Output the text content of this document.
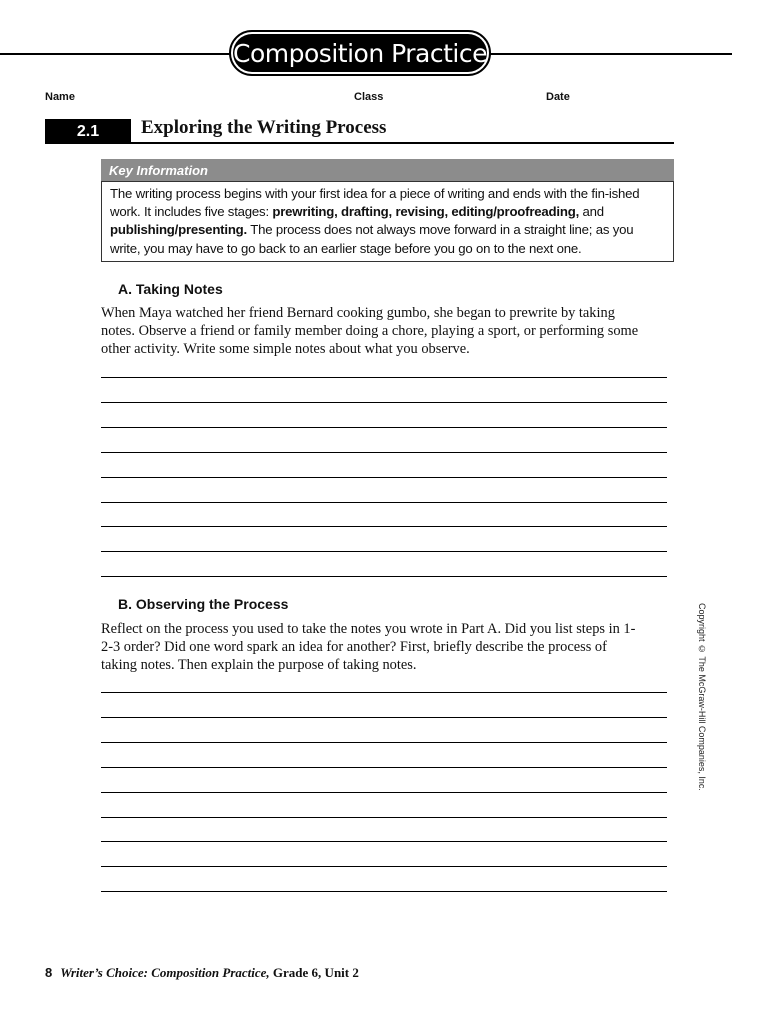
Composition Practice
Name	Class	Date
2.1	Exploring the Writing Process
Key Information
The writing process begins with your first idea for a piece of writing and ends with the fin-ished work. It includes five stages: prewriting, drafting, revising, editing/proofreading, and publishing/presenting. The process does not always move forward in a straight line; as you write, you may have to go back to an earlier stage before you go on to the next one.
A. Taking Notes
When Maya watched her friend Bernard cooking gumbo, she began to prewrite by taking notes. Observe a friend or family member doing a chore, playing a sport, or performing some other activity. Write some simple notes about what you observe.
B. Observing the Process
Reflect on the process you used to take the notes you wrote in Part A. Did you list steps in 1-2-3 order? Did one word spark an idea for another? First, briefly describe the process of taking notes. Then explain the purpose of taking notes.	Copyright © The McGraw-Hill Companies, Inc.
8 Writer’s Choice: Composition Practice, Grade 6, Unit 2
